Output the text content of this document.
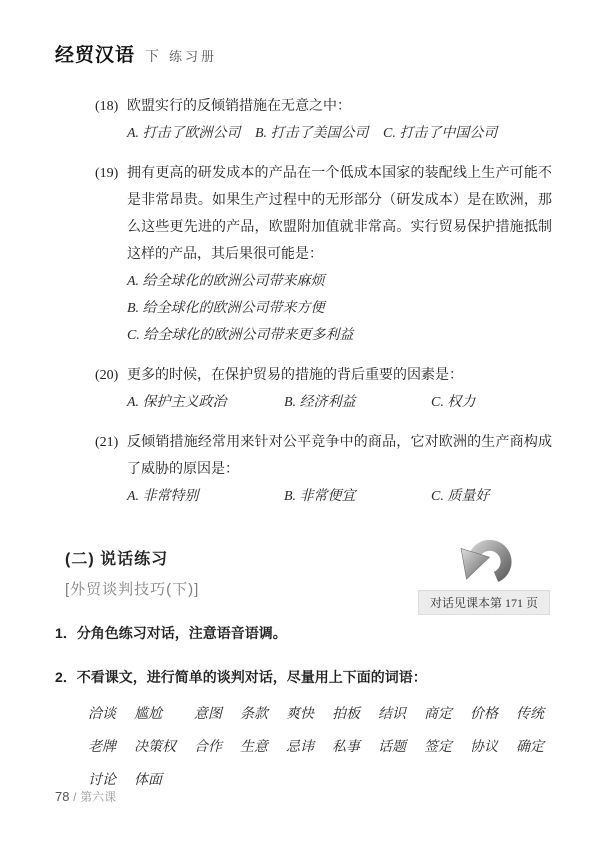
经贸汉语 下 练习册
(18) 欧盟实行的反倾销措施在无意之中：
A. 打击了欧洲公司	B. 打击了美国公司	C. 打击了中国公司
(19) 拥有更高的研发成本的产品在一个低成本国家的装配线上生产可能不是非常昂贵。如果生产过程中的无形部分（研发成本）是在欧洲，那么这些更先进的产品，欧盟附加值就非常高。实行贸易保护措施抵制这样的产品，其后果很可能是：
A. 给全球化的欧洲公司带来麻烦
B. 给全球化的欧洲公司带来方便
C. 给全球化的欧洲公司带来更多利益
(20) 更多的时候，在保护贸易的措施的背后重要的因素是：
A. 保护主义政治	B. 经济利益	C. 权力
(21) 反倾销措施经常用来针对公平竞争中的商品，它对欧洲的生产商构成了威胁的原因是：
A. 非常特别	B. 非常便宜	C. 质量好
对话见课本第 171 页
(二) 说话练习
[外贸谈判技巧(下)]
1．分角色练习对话，注意语音语调。
2．不看课文，进行简单的谈判对话，尽量用上下面的词语：
洽谈 尴尬	意图 条款 爽快 拍板 结识 商定 价格 传统
老牌 决策权 合作 生意 忌讳 私事 话题 签定 协议 确定
讨论 体面
78 / 第六课
